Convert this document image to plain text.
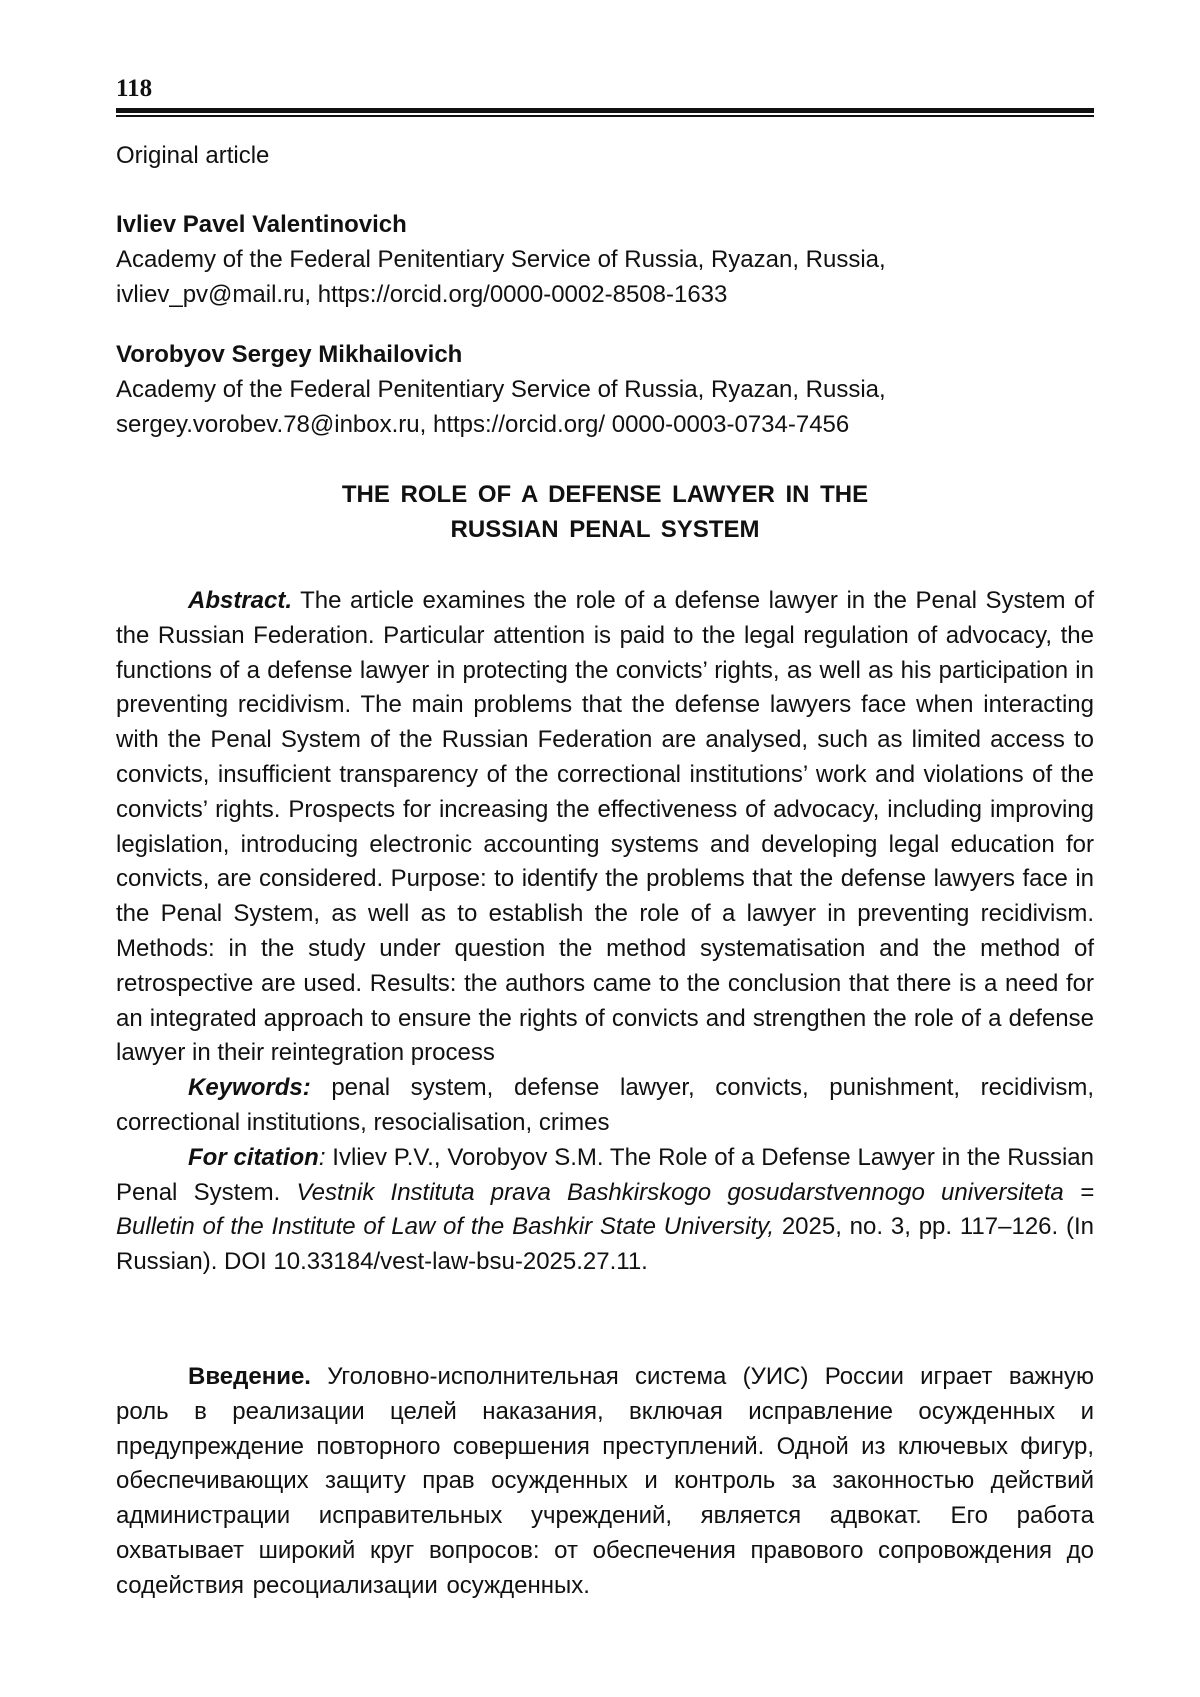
118

Original article

Ivliev Pavel Valentinovich

Academy of the Federal Penitentiary Service of Russia, Ryazan, Russia,

ivliev_pv@mail.ru, https://orcid.org/0000-0002-8508-1633

Vorobyov Sergey Mikhailovich

Academy of the Federal Penitentiary Service of Russia, Ryazan, Russia,

sergey.vorobev.78@inbox.ru, https://orcid.org/ 0000-0003-0734-7456

THE ROLE OF A DEFENSE LAWYER IN THE
RUSSIAN PENAL SYSTEM

Abstract. The article examines the role of a defense lawyer in the Penal System of the Russian Federation. Particular attention is paid to the legal regulation of advocacy, the functions of a defense lawyer in protecting the convicts’ rights, as well as his participation in preventing recidivism. The main problems that the defense lawyers face when interacting with the Penal System of the Russian Federation are analysed, such as limited access to convicts, insufficient transparency of the correctional institutions’ work and violations of the convicts’ rights. Prospects for increasing the effectiveness of advocacy, including improving legislation, introducing electronic accounting systems and developing legal education for convicts, are considered. Purpose: to identify the problems that the defense lawyers face in the Penal System, as well as to establish the role of a lawyer in preventing recidivism. Methods: in the study under question the method systematisation and the method of retrospective are used. Results: the authors came to the conclusion that there is a need for an integrated approach to ensure the rights of convicts and strengthen the role of a defense lawyer in their reintegration process

Keywords: penal system, defense lawyer, convicts, punishment, recidivism, correctional institutions, resocialisation, crimes

For citation: Ivliev P.V., Vorobyov S.M. The Role of a Defense Lawyer in the Russian Penal System. Vestnik Instituta prava Bashkirskogo gosudarstvennogo universiteta = Bulletin of the Institute of Law of the Bashkir State University, 2025, no. 3, pp. 117–126. (In Russian). DOI 10.33184/vest-law-bsu-2025.27.11.

Введение. Уголовно-исполнительная система (УИС) России играет важную роль в реализации целей наказания, включая исправление осужденных и предупреждение повторного совершения преступлений. Одной из ключевых фигур, обеспечивающих защиту прав осужденных и контроль за законностью действий администрации исправительных учреждений, является адвокат. Его работа охватывает широкий круг вопросов: от обеспечения правового сопровождения до содействия ресоциализации осужденных.
